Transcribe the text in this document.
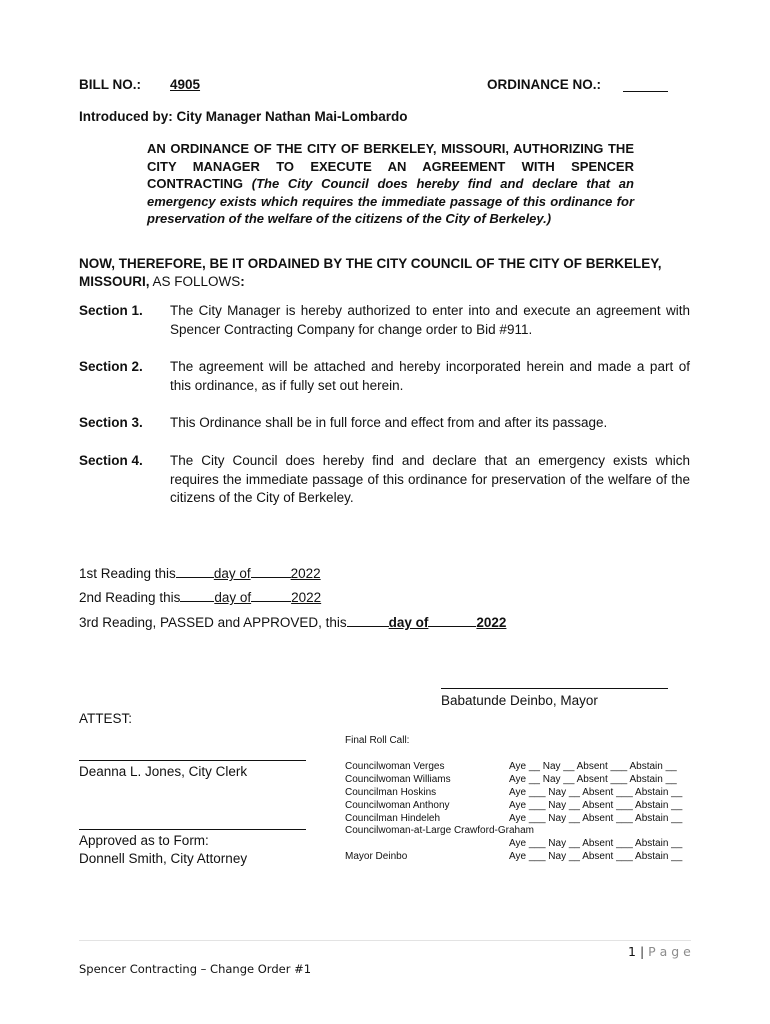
BILL NO.: 4905	ORDINANCE NO.:
Introduced by: City Manager Nathan Mai-Lombardo
AN ORDINANCE OF THE CITY OF BERKELEY, MISSOURI, AUTHORIZING THE CITY MANAGER TO EXECUTE AN AGREEMENT WITH SPENCER CONTRACTING (The City Council does hereby find and declare that an emergency exists which requires the immediate passage of this ordinance for preservation of the welfare of the citizens of the City of Berkeley.)
NOW, THEREFORE, BE IT ORDAINED BY THE CITY COUNCIL OF THE CITY OF BERKELEY, MISSOURI, AS FOLLOWS:
Section 1. The City Manager is hereby authorized to enter into and execute an agreement with Spencer Contracting Company for change order to Bid #911.
Section 2. The agreement will be attached and hereby incorporated herein and made a part of this ordinance, as if fully set out herein.
Section 3. This Ordinance shall be in full force and effect from and after its passage.
Section 4. The City Council does hereby find and declare that an emergency exists which requires the immediate passage of this ordinance for preservation of the welfare of the citizens of the City of Berkeley.
1st Reading this	day of	2022
2nd Reading this	day of	2022
3rd Reading, PASSED and APPROVED, this	day of	2022
Babatunde Deinbo, Mayor
ATTEST:
Deanna L. Jones, City Clerk
Approved as to Form:
Donnell Smith, City Attorney
Final Roll Call:
Councilwoman Verges	Aye __ Nay __ Absent ___ Abstain __
Councilwoman Williams	Aye __ Nay __ Absent ___ Abstain __
Councilman Hoskins	Aye ___ Nay __ Absent ___ Abstain __
Councilwoman Anthony	Aye ___ Nay __ Absent ___ Abstain __
Councilman Hindeleh	Aye ___ Nay __ Absent ___ Abstain __
Councilwoman-at-Large Crawford-Graham
Aye ___ Nay __ Absent ___ Abstain __
Mayor Deinbo	Aye ___ Nay __ Absent ___ Abstain __
1 | P a g e
Spencer Contracting – Change Order #1
